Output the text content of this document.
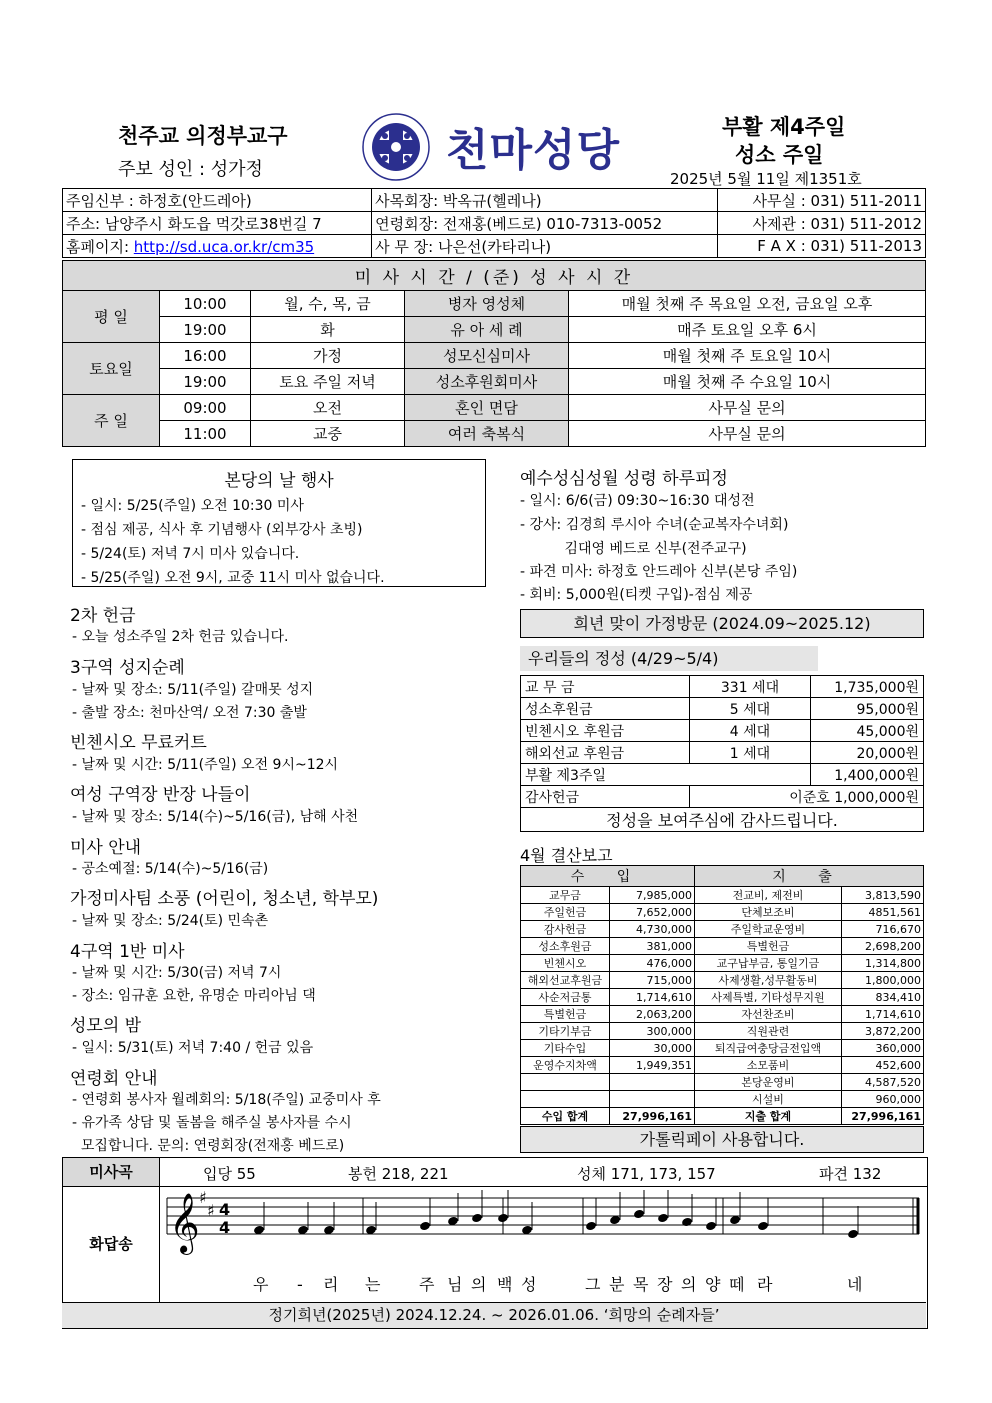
천주교 의정부교구
주보 성인 : 성가정	천마성당	부활 제4주일
성소 주일
2025년 5월 11일 제1351호
주임신부 : 하정호(안드레아)	사목회장: 박옥규(헬레나)	사무실 : 031) 511-2011
주소: 남양주시 화도읍 먹갓로38번길 7	연령회장: 전재홍(베드로) 010-7313-0052	사제관 : 031) 511-2012
홈페이지: http://sd.uca.or.kr/cm35	사 무 장: 나은선(카타리나)	F A X : 031) 511-2013
미 사 시 간 / (준) 성 사 시 간				
평 일	10:00	월, 수, 목, 금	병자 영성체	매월 첫째 주 목요일 오전, 금요일 오후
	19:00	화	유 아 세 례	매주 토요일 오후 6시
토요일	16:00	가정	성모신심미사	매월 첫째 주 토요일 10시
	19:00	토요 주일 저녁	성소후원회미사	매월 첫째 주 수요일 10시
주 일	09:00	오전	혼인 면담	사무실 문의
	11:00	교중	여러 축복식	사무실 문의
본당의 날 행사
- 일시: 5/25(주일) 오전 10:30 미사
- 점심 제공, 식사 후 기념행사 (외부강사 초빙)
- 5/24(토) 저녁 7시 미사 있습니다.
- 5/25(주일) 오전 9시, 교중 11시 미사 없습니다.
2차 헌금
- 오늘 성소주일 2차 헌금 있습니다.
3구역 성지순례
- 날짜 및 장소: 5/11(주일) 갈매못 성지
- 출발 장소: 천마산역/ 오전 7:30 출발
빈첸시오 무료커트
- 날짜 및 시간: 5/11(주일) 오전 9시~12시
여성 구역장 반장 나들이
- 날짜 및 장소: 5/14(수)~5/16(금), 남해 사천
미사 안내
- 공소예절: 5/14(수)~5/16(금)
가정미사팀 소풍 (어린이, 청소년, 학부모)
- 날짜 및 장소: 5/24(토) 민속촌
4구역 1반 미사
- 날짜 및 시간: 5/30(금) 저녁 7시
- 장소: 임규훈 요한, 유명순 마리아님 댁
성모의 밤
- 일시: 5/31(토) 저녁 7:40 / 헌금 있음
연령회 안내
- 연령회 봉사자 월례회의: 5/18(주일) 교중미사 후
- 유가족 상담 및 돌봄을 해주실 봉사자를 수시
모집합니다. 문의: 연령회장(전재홍 베드로)
예수성심성월 성령 하루피정
- 일시: 6/6(금) 09:30~16:30 대성전
- 강사: 김경희 루시아 수녀(순교복자수녀회)
김대영 베드로 신부(전주교구)
- 파견 미사: 하정호 안드레아 신부(본당 주임)
- 회비: 5,000원(티켓 구입)-점심 제공
희년 맞이 가정방문 (2024.09~2025.12)
우리들의 정성 (4/29~5/4)
교 무 금	331 세대	1,735,000원
성소후원금	5 세대	95,000원
빈첸시오 후원금	4 세대	45,000원
해외선교 후원금	1 세대	20,000원
부활 제3주일		1,400,000원
감사헌금	이준호 1,000,000원	
정성을 보여주심에 감사드립니다.		
4월 결산보고
수 입		지 출	
교무금	7,985,000	전교비, 제전비	3,813,590
주일헌금	7,652,000	단체보조비	4851,561
감사헌금	4,730,000	주일학교운영비	716,670
성소후원금	381,000	특별헌금	2,698,200
빈첸시오	476,000	교구납부금, 통일기금	1,314,800
해외선교후원금	715,000	사제생활,성무활동비	1,800,000
사순저금통	1,714,610	사제특별, 기타성무지원	834,410
특별헌금	2,063,200	자선찬조비	1,714,610
기타기부금	300,000	직원관련	3,872,200
기타수입	30,000	퇴직급여충당금전입액	360,000
운영수지차액	1,949,351	소모품비	452,600
		본당운영비	4,587,520
		시설비	960,000
수입 합계	27,996,161	지출 합계	27,996,161
가톨릭페이 사용합니다.
미사곡	입당 55	봉헌 218, 221	성체 171, 173, 157	파견 132
화답송 𝄞 ♯
♯ 4
4
우 - 리 는 주 님 의 백 성	그 분 목 장 의 양 떼 라	네
정기희년(2025년) 2024.12.24. ~ 2026.01.06. ‘희망의 순례자들’
